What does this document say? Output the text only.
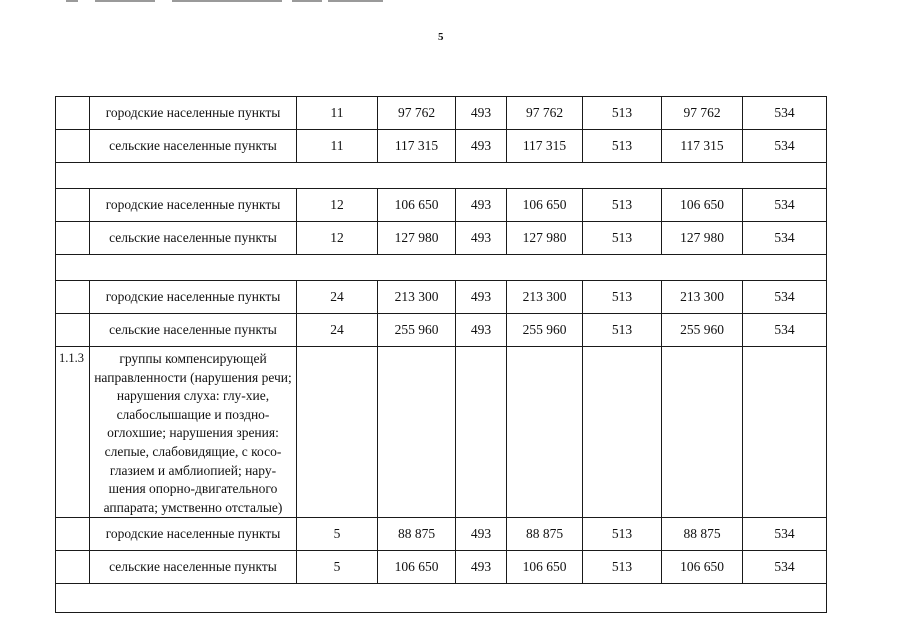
5
	городские населенные пункты	11	97 762	493	97 762	513	97 762	534
	сельские населенные пункты	11	117 315	493	117 315	513	117 315	534

	городские населенные пункты	12	106 650	493	106 650	513	106 650	534
	сельские населенные пункты	12	127 980	493	127 980	513	127 980	534

	городские населенные пункты	24	213 300	493	213 300	513	213 300	534
	сельские населенные пункты	24	255 960	493	255 960	513	255 960	534
1.1.3	группы компенсирующей направленности (нарушения речи; нарушения слуха: глу-хие, слабослышащие и поздно-оглохшие; нарушения зрения: слепые, слабовидящие, с косо-глазием и амблиопией; нару-шения опорно-двигательного аппарата; умственно отсталые)							
	городские населенные пункты	5	88 875	493	88 875	513	88 875	534
	сельские населенные пункты	5	106 650	493	106 650	513	106 650	534
